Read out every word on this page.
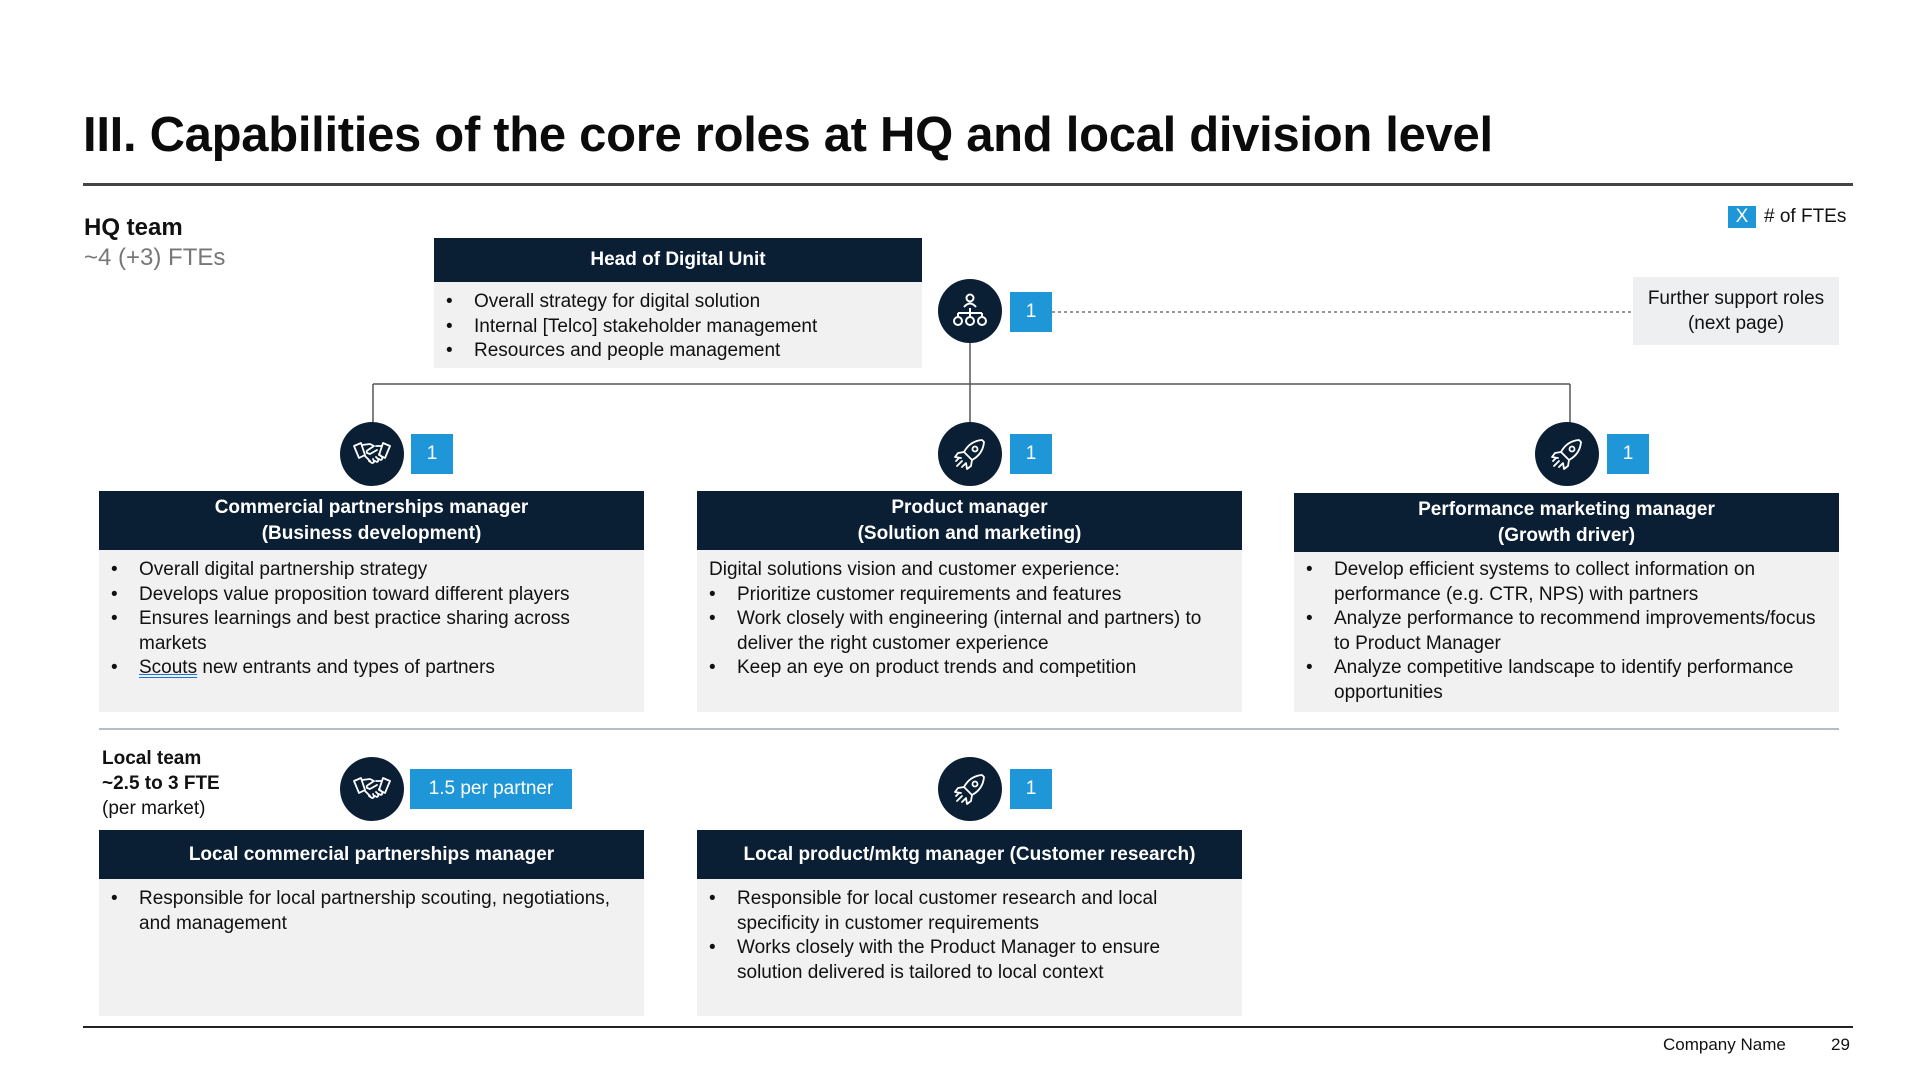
III. Capabilities of the core roles at HQ and local division level
HQ team
~4 (+3) FTEs
X # of FTEs
Further support roles (next page)
Head of Digital Unit
• Overall strategy for digital solution
• Internal [Telco] stakeholder management
• Resources and people management
1
1
Commercial partnerships manager
(Business development)
• Overall digital partnership strategy
• Develops value proposition toward different players
• Ensures learnings and best practice sharing across markets
• Scouts new entrants and types of partners
1
Product manager
(Solution and marketing)
Digital solutions vision and customer experience:
• Prioritize customer requirements and features
• Work closely with engineering (internal and partners) to deliver the right customer experience
• Keep an eye on product trends and competition
1
Performance marketing manager
(Growth driver)
• Develop efficient systems to collect information on performance (e.g. CTR, NPS) with partners
• Analyze performance to recommend improvements/focus to Product Manager
• Analyze competitive landscape to identify performance opportunities
Local team
~2.5 to 3 FTE
(per market)
1.5 per partner
Local commercial partnerships manager
• Responsible for local partnership scouting, negotiations, and management
1
Local product/mktg manager (Customer research)
• Responsible for local customer research and local specificity in customer requirements
• Works closely with the Product Manager to ensure solution delivered is tailored to local context
Company Name	29
